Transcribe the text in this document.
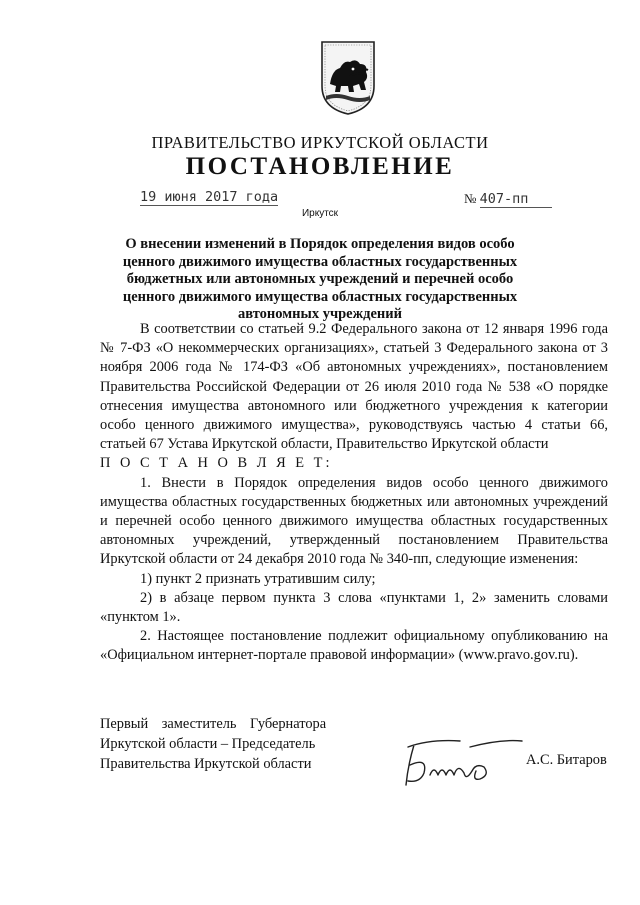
ПРАВИТЕЛЬСТВО ИРКУТСКОЙ ОБЛАСТИ
ПОСТАНОВЛЕНИЕ
19 июня 2017 года	№ 407-пп
Иркутск
О внесении изменений в Порядок определения видов особо ценного движимого имущества областных государственных бюджетных или автономных учреждений и перечней особо ценного движимого имущества областных государственных автономных учреждений

В соответствии со статьей 9.2 Федерального закона от 12 января 1996 года № 7-ФЗ «О некоммерческих организациях», статьей 3 Федерального закона от 3 ноября 2006 года № 174-ФЗ «Об автономных учреждениях», постановлением Правительства Российской Федерации от 26 июля 2010 года № 538 «О порядке отнесения имущества автономного или бюджетного учреждения к категории особо ценного движимого имущества», руководствуясь частью 4 статьи 66, статьей 67 Устава Иркутской области, Правительство Иркутской области

П О С Т А Н О В Л Я Е Т:

1. Внести в Порядок определения видов особо ценного движимого имущества областных государственных бюджетных или автономных учреждений и перечней особо ценного движимого имущества областных государственных автономных учреждений, утвержденный постановлением Правительства Иркутской области от 24 декабря 2010 года № 340-пп, следующие изменения:

1) пункт 2 признать утратившим силу;

2) в абзаце первом пункта 3 слова «пунктами 1, 2» заменить словами «пунктом 1».

2. Настоящее постановление подлежит официальному опубликованию на «Официальном интернет-портале правовой информации» (www.pravo.gov.ru).

Первый заместитель Губернатора
Иркутской области – Председатель
Правительства Иркутской области	А.С. Битаров
